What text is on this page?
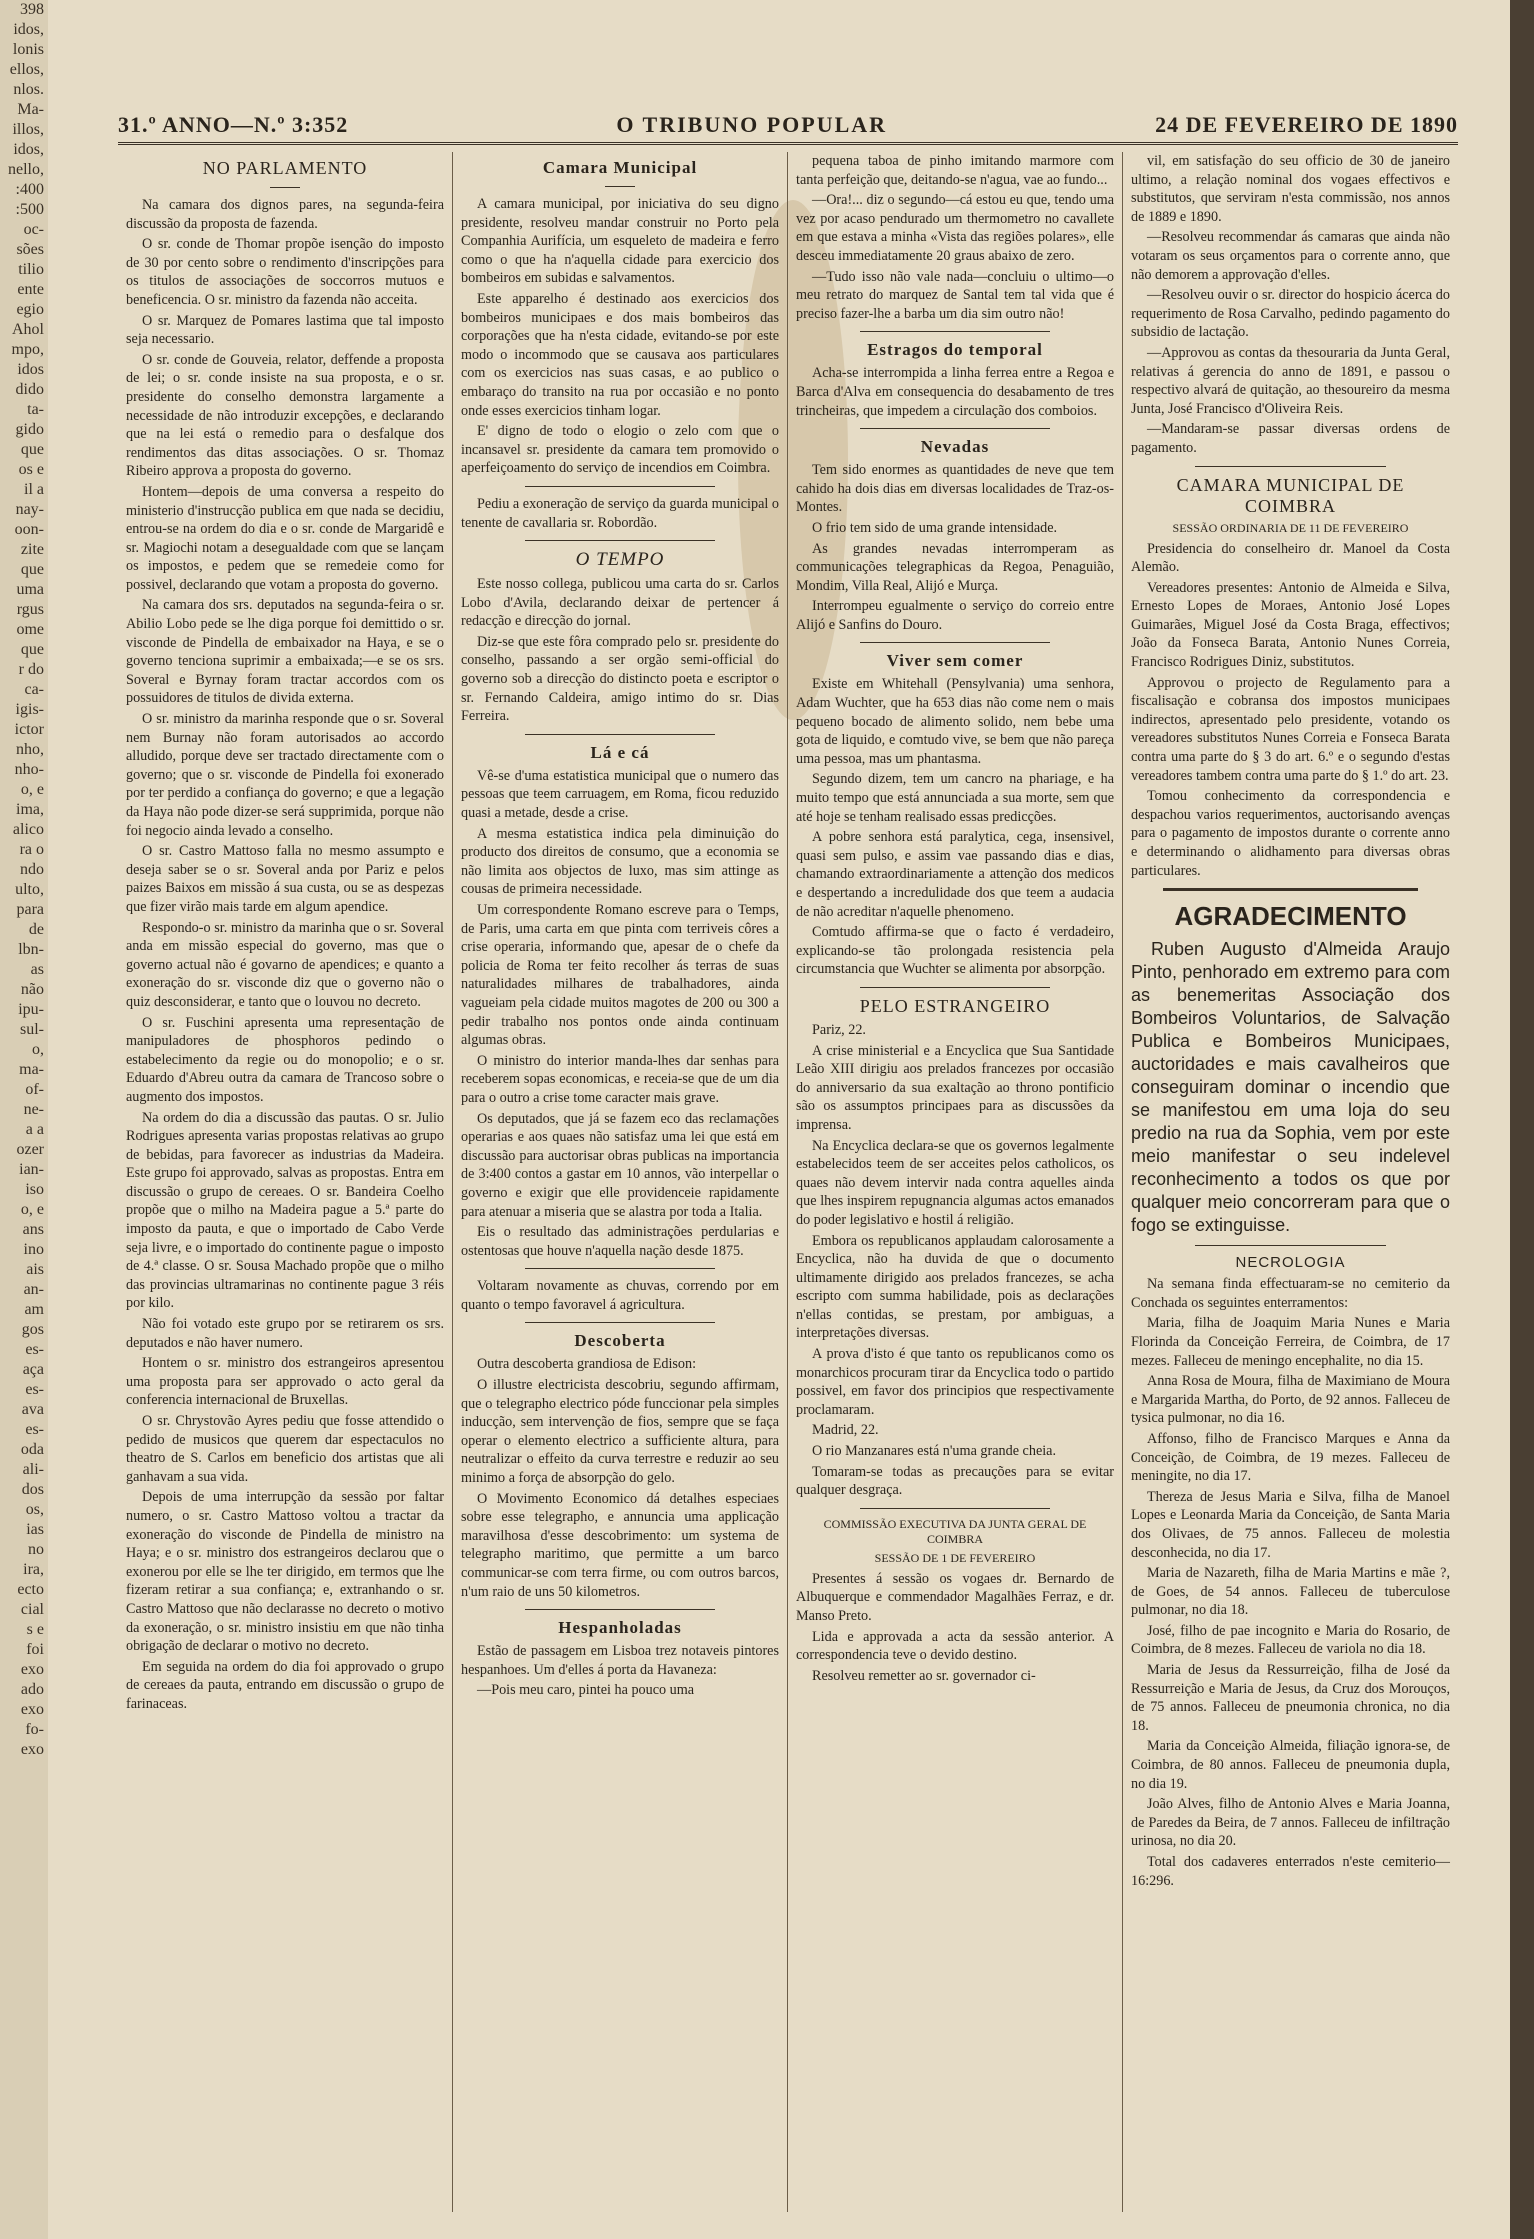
398
idos,
lonis
ellos,
nlos.
Ma-
illos,
idos,
nello,
:400
:500
oc-
sões
tilio
ente
egio
Ahol
mpo,
idos
dido
ta-
gido
que
os e
il a
nay-
oon-
zite
que
uma
rgus
ome
que
r do
ca-
igis-
ictor
nho,
nho-
o, e
ima,
alico
ra o
ndo
ulto,
para
de
lbn-
as
não
ipu-
sul-
o,
ma-
of-
ne-
a a
ozer
ian-
iso
o, e
ans
ino
ais
an-
am
gos
es-
aça
es-
ava
es-
oda
ali-
dos
os,
ias
no
ira,
ecto
cial
s e
foi
exo
ado
exo
fo-
exo
31.º ANNO—N.º 3:352	O TRIBUNO POPULAR	24 DE FEVEREIRO DE 1890
NO PARLAMENTO

Na camara dos dignos pares, na segunda-feira discussão da proposta de fazenda.

O sr. conde de Thomar propõe isenção do imposto de 30 por cento sobre o rendimento d'inscripções para os titulos de associações de soccorros mutuos e beneficencia. O sr. ministro da fazenda não acceita.

O sr. Marquez de Pomares lastima que tal imposto seja necessario.

O sr. conde de Gouveia, relator, deffende a proposta de lei; o sr. conde insiste na sua proposta, e o sr. presidente do conselho demonstra largamente a necessidade de não introduzir excepções, e declarando que na lei está o remedio para o desfalque dos rendimentos das ditas associações. O sr. Thomaz Ribeiro approva a proposta do governo.

Hontem—depois de uma conversa a respeito do ministerio d'instrucção publica em que nada se decidiu, entrou-se na ordem do dia e o sr. conde de Margaridê e sr. Magiochi notam a desegualdade com que se lançam os impostos, e pedem que se remedeie como for possivel, declarando que votam a proposta do governo.

Na camara dos srs. deputados na segunda-feira o sr. Abilio Lobo pede se lhe diga porque foi demittido o sr. visconde de Pindella de embaixador na Haya, e se o governo tenciona suprimir a embaixada;—e se os srs. Soveral e Byrnay foram tractar accordos com os possuidores de titulos de divida externa.

O sr. ministro da marinha responde que o sr. Soveral nem Burnay não foram autorisados ao accordo alludido, porque deve ser tractado directamente com o governo; que o sr. visconde de Pindella foi exonerado por ter perdido a confiança do governo; e que a legação da Haya não pode dizer-se será supprimida, porque não foi negocio ainda levado a conselho.

O sr. Castro Mattoso falla no mesmo assumpto e deseja saber se o sr. Soveral anda por Pariz e pelos paizes Baixos em missão á sua custa, ou se as despezas que fizer virão mais tarde em algum apendice.

Respondo-o sr. ministro da marinha que o sr. Soveral anda em missão especial do governo, mas que o governo actual não é govarno de apendices; e quanto a exoneração do sr. visconde diz que o governo não o quiz desconsiderar, e tanto que o louvou no decreto.

O sr. Fuschini apresenta uma representação de manipuladores de phosphoros pedindo o estabelecimento da regie ou do monopolio; e o sr. Eduardo d'Abreu outra da camara de Trancoso sobre o augmento dos impostos.

Na ordem do dia a discussão das pautas. O sr. Julio Rodrigues apresenta varias propostas relativas ao grupo de bebidas, para favorecer as industrias da Madeira. Este grupo foi approvado, salvas as propostas. Entra em discussão o grupo de cereaes. O sr. Bandeira Coelho propõe que o milho na Madeira pague a 5.ª parte do imposto da pauta, e que o importado de Cabo Verde seja livre, e o importado do continente pague o imposto de 4.ª classe. O sr. Sousa Machado propõe que o milho das provincias ultramarinas no continente pague 3 réis por kilo.

Não foi votado este grupo por se retirarem os srs. deputados e não haver numero.

Hontem o sr. ministro dos estrangeiros apresentou uma proposta para ser approvado o acto geral da conferencia internacional de Bruxellas.

O sr. Chrystovão Ayres pediu que fosse attendido o pedido de musicos que querem dar espectaculos no theatro de S. Carlos em beneficio dos artistas que ali ganhavam a sua vida.

Depois de uma interrupção da sessão por faltar numero, o sr. Castro Mattoso voltou a tractar da exoneração do visconde de Pindella de ministro na Haya; e o sr. ministro dos estrangeiros declarou que o exonerou por elle se lhe ter dirigido, em termos que lhe fizeram retirar a sua confiança; e, extranhando o sr. Castro Mattoso que não declarasse no decreto o motivo da exoneração, o sr. ministro insistiu em que não tinha obrigação de declarar o motivo no decreto.

Em seguida na ordem do dia foi approvado o grupo de cereaes da pauta, entrando em discussão o grupo de farinaceas.

Camara Municipal

A camara municipal, por iniciativa do seu digno presidente, resolveu mandar construir no Porto pela Companhia Aurifícia, um esqueleto de madeira e ferro como o que ha n'aquella cidade para exercicio dos bombeiros em subidas e salvamentos.

Este apparelho é destinado aos exercicios dos bombeiros municipaes e dos mais bombeiros das corporações que ha n'esta cidade, evitando-se por este modo o incommodo que se causava aos particulares com os exercicios nas suas casas, e ao publico o embaraço do transito na rua por occasião e no ponto onde esses exercicios tinham logar.

E' digno de todo o elogio o zelo com que o incansavel sr. presidente da camara tem promovido o aperfeiçoamento do serviço de incendios em Coimbra.

Pediu a exoneração de serviço da guarda municipal o tenente de cavallaria sr. Robordão.

O TEMPO

Este nosso collega, publicou uma carta do sr. Carlos Lobo d'Avila, declarando deixar de pertencer á redacção e direcção do jornal.

Diz-se que este fôra comprado pelo sr. presidente do conselho, passando a ser orgão semi-official do governo sob a direcção do distincto poeta e escriptor o sr. Fernando Caldeira, amigo intimo do sr. Dias Ferreira.

Lá e cá

Vê-se d'uma estatistica municipal que o numero das pessoas que teem carruagem, em Roma, ficou reduzido quasi a metade, desde a crise.

A mesma estatistica indica pela diminuição do producto dos direitos de consumo, que a economia se não limita aos objectos de luxo, mas sim attinge as cousas de primeira necessidade.

Um correspondente Romano escreve para o Temps, de Paris, uma carta em que pinta com terriveis côres a crise operaria, informando que, apesar de o chefe da policia de Roma ter feito recolher ás terras de suas naturalidades milhares de trabalhadores, ainda vagueiam pela cidade muitos magotes de 200 ou 300 a pedir trabalho nos pontos onde ainda continuam algumas obras.

O ministro do interior manda-lhes dar senhas para receberem sopas economicas, e receia-se que de um dia para o outro a crise tome caracter mais grave.

Os deputados, que já se fazem eco das reclamações operarias e aos quaes não satisfaz uma lei que está em discussão para auctorisar obras publicas na importancia de 3:400 contos a gastar em 10 annos, vão interpellar o governo e exigir que elle providenceie rapidamente para atenuar a miseria que se alastra por toda a Italia.

Eis o resultado das administrações perdularias e ostentosas que houve n'aquella nação desde 1875.

Voltaram novamente as chuvas, correndo por em quanto o tempo favoravel á agricultura.

Descoberta

Outra descoberta grandiosa de Edison:

O illustre electricista descobriu, segundo affirmam, que o telegrapho electrico póde funccionar pela simples inducção, sem intervenção de fios, sempre que se faça operar o elemento electrico a sufficiente altura, para neutralizar o effeito da curva terrestre e reduzir ao seu minimo a força de absorpção do gelo.

O Movimento Economico dá detalhes especiaes sobre esse telegrapho, e annuncia uma applicação maravilhosa d'esse descobrimento: um systema de telegrapho maritimo, que permitte a um barco communicar-se com terra firme, ou com outros barcos, n'um raio de uns 50 kilometros.

Hespanholadas

Estão de passagem em Lisboa trez notaveis pintores hespanhoes. Um d'elles á porta da Havaneza:

—Pois meu caro, pintei ha pouco uma

pequena taboa de pinho imitando marmore com tanta perfeição que, deitando-se n'agua, vae ao fundo...

—Ora!... diz o segundo—cá estou eu que, tendo uma vez por acaso pendurado um thermometro no cavallete em que estava a minha «Vista das regiões polares», elle desceu immediatamente 20 graus abaixo de zero.

—Tudo isso não vale nada—concluiu o ultimo—o meu retrato do marquez de Santal tem tal vida que é preciso fazer-lhe a barba um dia sim outro não!

Estragos do temporal

Acha-se interrompida a linha ferrea entre a Regoa e Barca d'Alva em consequencia do desabamento de tres trincheiras, que impedem a circulação dos comboios.

Nevadas

Tem sido enormes as quantidades de neve que tem cahido ha dois dias em diversas localidades de Traz-os-Montes.

O frio tem sido de uma grande intensidade.

As grandes nevadas interromperam as communicações telegraphicas da Regoa, Penaguião, Mondim, Villa Real, Alijó e Murça.

Interrompeu egualmente o serviço do correio entre Alijó e Sanfins do Douro.

Viver sem comer

Existe em Whitehall (Pensylvania) uma senhora, Adam Wuchter, que ha 653 dias não come nem o mais pequeno bocado de alimento solido, nem bebe uma gota de liquido, e comtudo vive, se bem que não pareça uma pessoa, mas um phantasma.

Segundo dizem, tem um cancro na phariage, e ha muito tempo que está annunciada a sua morte, sem que até hoje se tenham realisado essas predicções.

A pobre senhora está paralytica, cega, insensivel, quasi sem pulso, e assim vae passando dias e dias, chamando extraordinariamente a attenção dos medicos e despertando a incredulidade dos que teem a audacia de não acreditar n'aquelle phenomeno.

Comtudo affirma-se que o facto é verdadeiro, explicando-se tão prolongada resistencia pela circumstancia que Wuchter se alimenta por absorpção.

PELO ESTRANGEIRO

Pariz, 22.

A crise ministerial e a Encyclica que Sua Santidade Leão XIII dirigiu aos prelados francezes por occasião do anniversario da sua exaltação ao throno pontificio são os assumptos principaes para as discussões da imprensa.

Na Encyclica declara-se que os governos legalmente estabelecidos teem de ser acceites pelos catholicos, os quaes não devem intervir nada contra aquelles ainda que lhes inspirem repugnancia algumas actos emanados do poder legislativo e hostil á religião.

Embora os republicanos applaudam calorosamente a Encyclica, não ha duvida de que o documento ultimamente dirigido aos prelados francezes, se acha escripto com summa habilidade, pois as declarações n'ellas contidas, se prestam, por ambiguas, a interpretações diversas.

A prova d'isto é que tanto os republicanos como os monarchicos procuram tirar da Encyclica todo o partido possivel, em favor dos principios que respectivamente proclamaram.

Madrid, 22.

O rio Manzanares está n'uma grande cheia.

Tomaram-se todas as precauções para se evitar qualquer desgraça.

COMMISSÃO EXECUTIVA DA JUNTA GERAL DE COIMBRA
SESSÃO DE 1 DE FEVEREIRO

Presentes á sessão os vogaes dr. Bernardo de Albuquerque e commendador Magalhães Ferraz, e dr. Manso Preto.

Lida e approvada a acta da sessão anterior. A correspondencia teve o devido destino.

Resolveu remetter ao sr. governador ci-

vil, em satisfação do seu officio de 30 de janeiro ultimo, a relação nominal dos vogaes effectivos e substitutos, que serviram n'esta commissão, nos annos de 1889 e 1890.

—Resolveu recommendar ás camaras que ainda não votaram os seus orçamentos para o corrente anno, que não demorem a approvação d'elles.

—Resolveu ouvir o sr. director do hospicio ácerca do requerimento de Rosa Carvalho, pedindo pagamento do subsidio de lactação.

—Approvou as contas da thesouraria da Junta Geral, relativas á gerencia do anno de 1891, e passou o respectivo alvará de quitação, ao thesoureiro da mesma Junta, José Francisco d'Oliveira Reis.

—Mandaram-se passar diversas ordens de pagamento.

CAMARA MUNICIPAL DE COIMBRA
SESSÃO ORDINARIA DE 11 DE FEVEREIRO

Presidencia do conselheiro dr. Manoel da Costa Alemão.

Vereadores presentes: Antonio de Almeida e Silva, Ernesto Lopes de Moraes, Antonio José Lopes Guimarães, Miguel José da Costa Braga, effectivos; João da Fonseca Barata, Antonio Nunes Correia, Francisco Rodrigues Diniz, substitutos.

Approvou o projecto de Regulamento para a fiscalisação e cobransa dos impostos municipaes indirectos, apresentado pelo presidente, votando os vereadores substitutos Nunes Correia e Fonseca Barata contra uma parte do § 3 do art. 6.º e o segundo d'estas vereadores tambem contra uma parte do § 1.º do art. 23.

Tomou conhecimento da correspondencia e despachou varios requerimentos, auctorisando avenças para o pagamento de impostos durante o corrente anno e determinando o alidhamento para diversas obras particulares.

AGRADECIMENTO

Ruben Augusto d'Almeida Araujo Pinto, penhorado em extremo para com as benemeritas Associação dos Bombeiros Voluntarios, de Salvação Publica e Bombeiros Municipaes, auctoridades e mais cavalheiros que conseguiram dominar o incendio que se manifestou em uma loja do seu predio na rua da Sophia, vem por este meio manifestar o seu indelevel reconhecimento a todos os que por qualquer meio concorreram para que o fogo se extinguisse.

NECROLOGIA

Na semana finda effectuaram-se no cemiterio da Conchada os seguintes enterramentos:

Maria, filha de Joaquim Maria Nunes e Maria Florinda da Conceição Ferreira, de Coimbra, de 17 mezes. Falleceu de meningo encephalite, no dia 15.

Anna Rosa de Moura, filha de Maximiano de Moura e Margarida Martha, do Porto, de 92 annos. Falleceu de tysica pulmonar, no dia 16.

Affonso, filho de Francisco Marques e Anna da Conceição, de Coimbra, de 19 mezes. Falleceu de meningite, no dia 17.

Thereza de Jesus Maria e Silva, filha de Manoel Lopes e Leonarda Maria da Conceição, de Santa Maria dos Olivaes, de 75 annos. Falleceu de molestia desconhecida, no dia 17.

Maria de Nazareth, filha de Maria Martins e mãe ?, de Goes, de 54 annos. Falleceu de tuberculose pulmonar, no dia 18.

José, filho de pae incognito e Maria do Rosario, de Coimbra, de 8 mezes. Falleceu de variola no dia 18.

Maria de Jesus da Ressurreição, filha de José da Ressurreição e Maria de Jesus, da Cruz dos Morouços, de 75 annos. Falleceu de pneumonia chronica, no dia 18.

Maria da Conceição Almeida, filiação ignora-se, de Coimbra, de 80 annos. Falleceu de pneumonia dupla, no dia 19.

João Alves, filho de Antonio Alves e Maria Joanna, de Paredes da Beira, de 7 annos. Falleceu de infiltração urinosa, no dia 20.

Total dos cadaveres enterrados n'este cemiterio—16:296.
